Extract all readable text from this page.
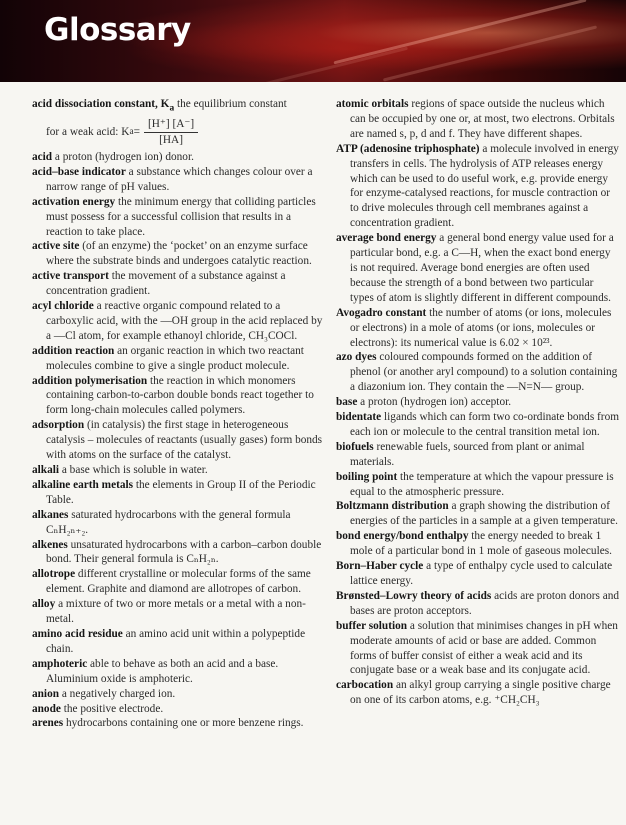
Glossary

acid dissociation constant, $K_a$ the equilibrium constant

for a weak acid: K $a = \frac{[H^+] [A^-]}{[HA]}$

acid a proton (hydrogen ion) donor.

acid–base indicator a substance which changes colour over a narrow range of pH values.

activation energy the minimum energy that colliding particles must possess for a successful collision that results in a reaction to take place.

active site (of an enzyme) the ‘pocket’ on an enzyme surface where the substrate binds and undergoes catalytic reaction.

active transport the movement of a substance against a concentration gradient.

acyl chloride a reactive organic compound related to a carboxylic acid, with the —OH group in the acid replaced by a —Cl atom, for example ethanoyl chloride, CH₃COCl.

addition reaction an organic reaction in which two reactant molecules combine to give a single product molecule.

addition polymerisation the reaction in which monomers containing carbon-to-carbon double bonds react together to form long-chain molecules called polymers.

adsorption (in catalysis) the first stage in heterogeneous catalysis – molecules of reactants (usually gases) form bonds with atoms on the surface of the catalyst.

alkali a base which is soluble in water.

alkaline earth metals the elements in Group II of the Periodic Table.

alkanes saturated hydrocarbons with the general formula CₙH₂ₙ₊₂.

alkenes unsaturated hydrocarbons with a carbon–carbon double bond. Their general formula is CₙH₂ₙ.

allotrope different crystalline or molecular forms of the same element. Graphite and diamond are allotropes of carbon.

alloy a mixture of two or more metals or a metal with a non-metal.

amino acid residue an amino acid unit within a polypeptide chain.

amphoteric able to behave as both an acid and a base. Aluminium oxide is amphoteric.

anion a negatively charged ion.

anode the positive electrode.

arenes hydrocarbons containing one or more benzene rings.

atomic orbitals regions of space outside the nucleus which can be occupied by one or, at most, two electrons. Orbitals are named s, p, d and f. They have different shapes.

ATP (adenosine triphosphate) a molecule involved in energy transfers in cells. The hydrolysis of ATP releases energy which can be used to do useful work, e.g. provide energy for enzyme-catalysed reactions, for muscle contraction or to drive molecules through cell membranes against a concentration gradient.

average bond energy a general bond energy value used for a particular bond, e.g. a C—H, when the exact bond energy is not required. Average bond energies are often used because the strength of a bond between two particular types of atom is slightly different in different compounds.

Avogadro constant the number of atoms (or ions, molecules or electrons) in a mole of atoms (or ions, molecules or electrons): its numerical value is 6.02 × 10²³.

azo dyes coloured compounds formed on the addition of phenol (or another aryl compound) to a solution containing a diazonium ion. They contain the —N=N— group.

base a proton (hydrogen ion) acceptor.

bidentate ligands which can form two co-ordinate bonds from each ion or molecule to the central transition metal ion.

biofuels renewable fuels, sourced from plant or animal materials.

boiling point the temperature at which the vapour pressure is equal to the atmospheric pressure.

Boltzmann distribution a graph showing the distribution of energies of the particles in a sample at a given temperature.

bond energy/bond enthalpy the energy needed to break 1 mole of a particular bond in 1 mole of gaseous molecules.

Born–Haber cycle a type of enthalpy cycle used to calculate lattice energy.

Brønsted–Lowry theory of acids acids are proton donors and bases are proton acceptors.

buffer solution a solution that minimises changes in pH when moderate amounts of acid or base are added. Common forms of buffer consist of either a weak acid and its conjugate base or a weak base and its conjugate acid.

carbocation an alkyl group carrying a single positive charge on one of its carbon atoms, e.g. ⁺CH₂CH₃
